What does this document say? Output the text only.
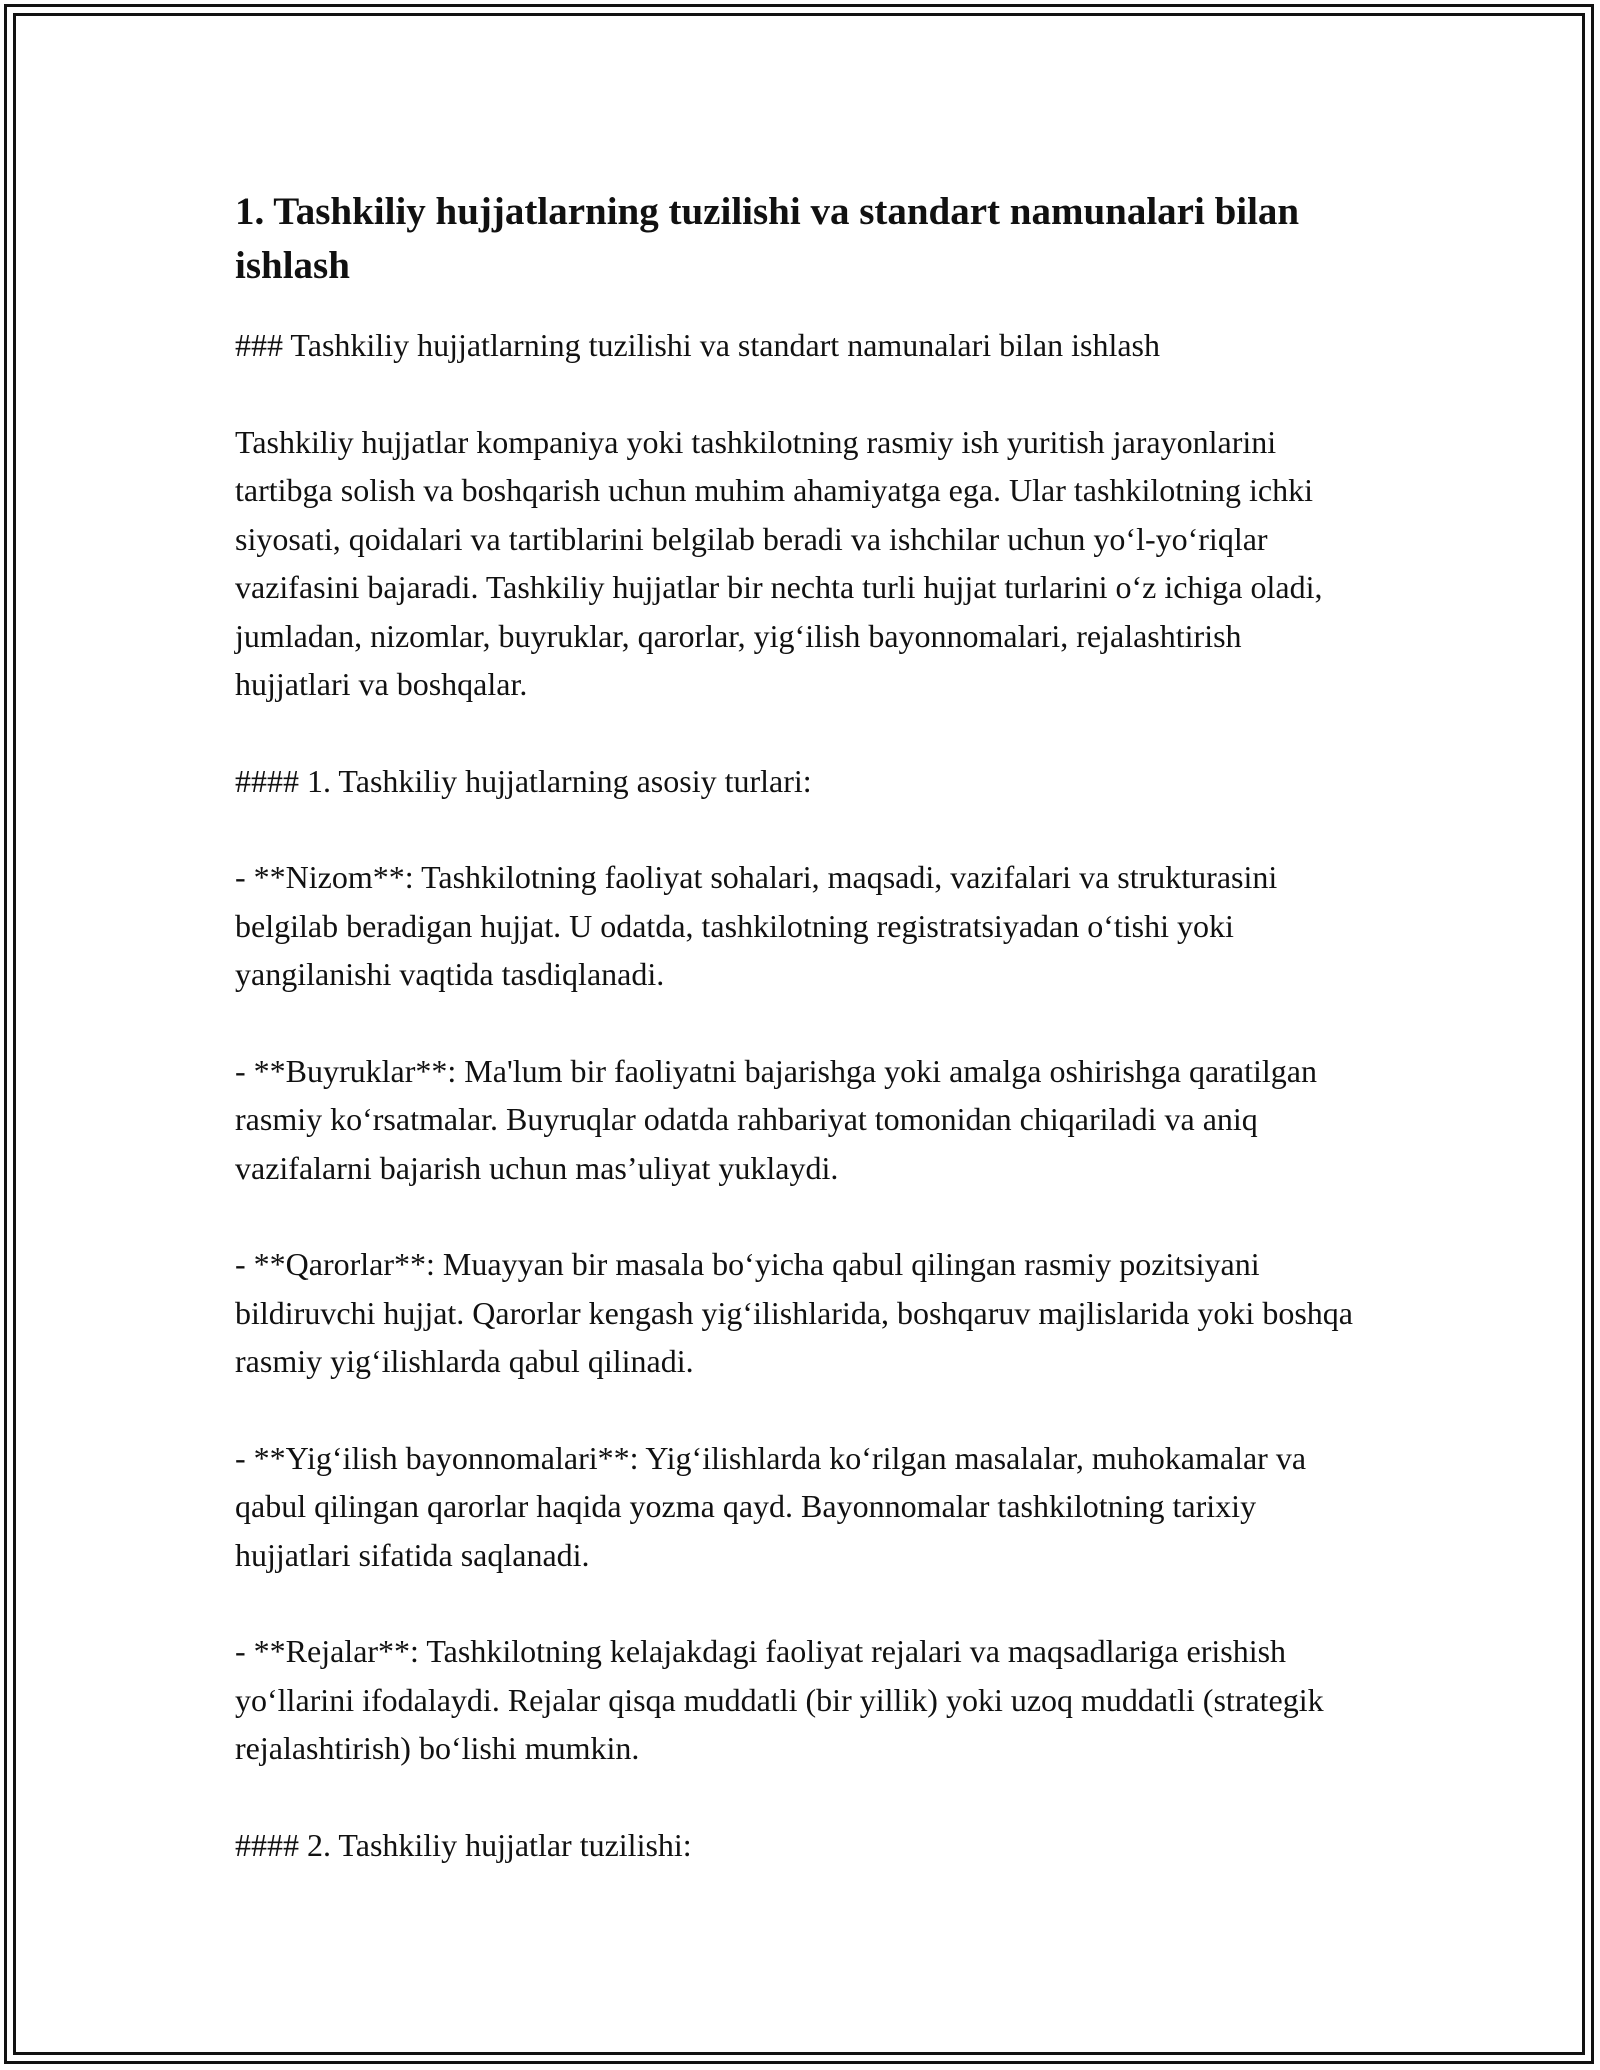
1. Tashkiliy hujjatlarning tuzilishi va standart namunalari bilan ishlash

### Tashkiliy hujjatlarning tuzilishi va standart namunalari bilan ishlash

Tashkiliy hujjatlar kompaniya yoki tashkilotning rasmiy ish yuritish jarayonlarini tartibga solish va boshqarish uchun muhim ahamiyatga ega. Ular tashkilotning ichki siyosati, qoidalari va tartiblarini belgilab beradi va ishchilar uchun yo‘l-yo‘riqlar vazifasini bajaradi. Tashkiliy hujjatlar bir nechta turli hujjat turlarini o‘z ichiga oladi, jumladan, nizomlar, buyruklar, qarorlar, yig‘ilish bayonnomalari, rejalashtirish hujjatlari va boshqalar.

#### 1. Tashkiliy hujjatlarning asosiy turlari:

- **Nizom**: Tashkilotning faoliyat sohalari, maqsadi, vazifalari va strukturasini belgilab beradigan hujjat. U odatda, tashkilotning registratsiyadan o‘tishi yoki yangilanishi vaqtida tasdiqlanadi.

- **Buyruklar**: Ma'lum bir faoliyatni bajarishga yoki amalga oshirishga qaratilgan rasmiy ko‘rsatmalar. Buyruqlar odatda rahbariyat tomonidan chiqariladi va aniq vazifalarni bajarish uchun mas’uliyat yuklaydi.

- **Qarorlar**: Muayyan bir masala bo‘yicha qabul qilingan rasmiy pozitsiyani bildiruvchi hujjat. Qarorlar kengash yig‘ilishlarida, boshqaruv majlislarida yoki boshqa rasmiy yig‘ilishlarda qabul qilinadi.

- **Yig‘ilish bayonnomalari**: Yig‘ilishlarda ko‘rilgan masalalar, muhokamalar va qabul qilingan qarorlar haqida yozma qayd. Bayonnomalar tashkilotning tarixiy hujjatlari sifatida saqlanadi.

- **Rejalar**: Tashkilotning kelajakdagi faoliyat rejalari va maqsadlariga erishish yo‘llarini ifodalaydi. Rejalar qisqa muddatli (bir yillik) yoki uzoq muddatli (strategik rejalashtirish) bo‘lishi mumkin.

#### 2. Tashkiliy hujjatlar tuzilishi:
